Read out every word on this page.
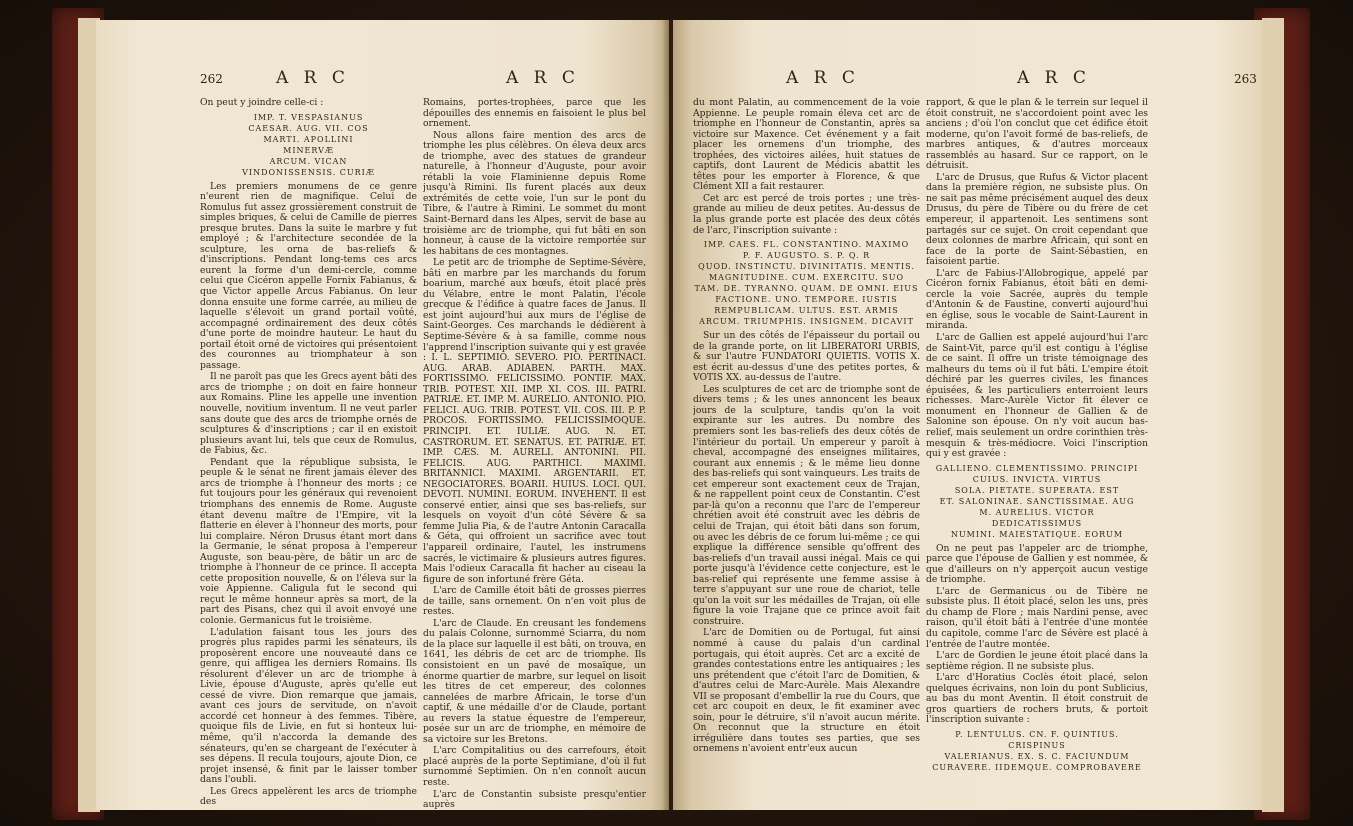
262	A R C	A R C

On peut y joindre celle-ci :

IMP. T. VESPASIANUS
CAESAR. AUG. VII. COS
MARTI. APOLLINI
MINERVÆ
ARCUM. VICAN
VINDONISSENSIS. CURIÆ

Les premiers monumens de ce genre n'eurent rien de magnifique. Celui de Romulus fut assez grossièrement construit de simples briques, & celui de Camille de pierres presque brutes. Dans la suite le marbre y fut employé ; & l'architecture secondée de la sculpture, les orna de bas-reliefs & d'inscriptions. Pendant long-tems ces arcs eurent la forme d'un demi-cercle, comme celui que Cicéron appelle Fornix Fabianus, & que Victor appelle Arcus Fabianus. On leur donna ensuite une forme carrée, au milieu de laquelle s'élevoit un grand portail voûté, accompagné ordinairement des deux côtés d'une porte de moindre hauteur. Le haut du portail étoit orné de victoires qui présentoient des couronnes au triomphateur à son passage.

Il ne paroît pas que les Grecs ayent bâti des arcs de triomphe ; on doit en faire honneur aux Romains. Pline les appelle une invention nouvelle, novitium inventum. Il ne veut parler sans doute que des arcs de triomphe ornés de sculptures & d'inscriptions ; car il en existoit plusieurs avant lui, tels que ceux de Romulus, de Fabius, &c.

Pendant que la république subsista, le peuple & le sénat ne firent jamais élever des arcs de triomphe à l'honneur des morts ; ce fut toujours pour les généraux qui revenoient triomphans des ennemis de Rome. Auguste étant devenu maître de l'Empire, vit la flatterie en élever à l'honneur des morts, pour lui complaire. Néron Drusus étant mort dans la Germanie, le sénat proposa à l'empereur Auguste, son beau-père, de bâtir un arc de triomphe à l'honneur de ce prince. Il accepta cette proposition nouvelle, & on l'éleva sur la voie Appienne. Caligula fut le second qui reçut le même honneur après sa mort, de la part des Pisans, chez qui il avoit envoyé une colonie. Germanicus fut le troisième.

L'adulation faisant tous les jours des progrès plus rapides parmi les sénateurs, ils proposèrent encore une nouveauté dans ce genre, qui affligea les derniers Romains. Ils résolurent d'élever un arc de triomphe à Livie, épouse d'Auguste, après qu'elle eut cessé de vivre. Dion remarque que jamais, avant ces jours de servitude, on n'avoit accordé cet honneur à des femmes. Tibère, quoique fils de Livie, en fut si honteux lui-même, qu'il n'accorda la demande des sénateurs, qu'en se chargeant de l'exécuter à ses dépens. Il recula toujours, ajoute Dion, ce projet insensé, & finit par le laisser tomber dans l'oubli.

Les Grecs appelèrent les arcs de triomphe des

Romains, portes-trophées, parce que les dépouilles des ennemis en faisoient le plus bel ornement.

Nous allons faire mention des arcs de triomphe les plus célèbres. On éleva deux arcs de triomphe, avec des statues de grandeur naturelle, à l'honneur d'Auguste, pour avoir rétabli la voie Flaminienne depuis Rome jusqu'à Rimini. Ils furent placés aux deux extrémités de cette voie, l'un sur le pont du Tibre, & l'autre à Rimini. Le sommet du mont Saint-Bernard dans les Alpes, servit de base au troisième arc de triomphe, qui fut bâti en son honneur, à cause de la victoire remportée sur les habitans de ces montagnes.

Le petit arc de triomphe de Septime-Sévère, bâti en marbre par les marchands du forum boarium, marché aux bœufs, étoit placé près du Vélabre, entre le mont Palatin, l'école grecque & l'édifice à quatre faces de Janus. Il est joint aujourd'hui aux murs de l'église de Saint-Georges. Ces marchands le dédièrent à Septime-Sévère & à sa famille, comme nous l'apprend l'inscription suivante qui y est gravée : I. L. SEPTIMIO. SEVERO. PIO. PERTINACI. AUG. ARAB. ADIABEN. PARTH. MAX. FORTISSIMO. FELICISSIMO. PONTIF. MAX. TRIB. POTEST. XII. IMP. XI. COS. III. PATRI. PATRIÆ. ET. IMP. M. AURELIO. ANTONIO. PIO. FELICI. AUG. TRIB. POTEST. VII. COS. III. P. P. PROCOS. FORTISSIMO. FELICISSIMOQUE. PRINCIPI. ET. IULIÆ. AUG. N. ET. CASTRORUM. ET. SENATUS. ET. PATRIÆ. ET. IMP. CÆS. M. AURELI. ANTONINI. PII. FELICIS. AUG. PARTHICI. MAXIMI. BRITANNICI. MAXIMI. ARGENTARII. ET. NEGOCIATORES. BOARII. HUIUS. LOCI. QUI. DEVOTI. NUMINI. EORUM. INVEHENT. Il est conservé entier, ainsi que ses bas-reliefs, sur lesquels on voyoit d'un côté Sévère & sa femme Julia Pia, & de l'autre Antonin Caracalla & Géta, qui offroient un sacrifice avec tout l'appareil ordinaire, l'autel, les instrumens sacrés, le victimaire & plusieurs autres figures. Mais l'odieux Caracalla fit hacher au ciseau la figure de son infortuné frère Géta.

L'arc de Camille étoit bâti de grosses pierres de taille, sans ornement. On n'en voit plus de restes.

L'arc de Claude. En creusant les fondemens du palais Colonne, surnommé Sciarra, du nom de la place sur laquelle il est bâti, on trouva, en 1641, les débris de cet arc de triomphe. Ils consistoient en un pavé de mosaïque, un énorme quartier de marbre, sur lequel on lisoit les titres de cet empereur, des colonnes cannelées de marbre Africain, le torse d'un captif, & une médaille d'or de Claude, portant au revers la statue équestre de l'empereur, posée sur un arc de triomphe, en mémoire de sa victoire sur les Bretons.

L'arc Compitalitius ou des carrefours, étoit placé auprès de la porte Septimiane, d'où il fut surnommé Septimien. On n'en connoît aucun reste.

L'arc de Constantin subsiste presqu'entier auprès

263
A R C	A R C

du mont Palatin, au commencement de la voie Appienne. Le peuple romain éleva cet arc de triomphe en l'honneur de Constantin, après sa victoire sur Maxence. Cet événement y a fait placer les ornemens d'un triomphe, des trophées, des victoires ailées, huit statues de captifs, dont Laurent de Médicis abattit les têtes pour les emporter à Florence, & que Clément XII a fait restaurer.

Cet arc est percé de trois portes ; une très-grande au milieu de deux petites. Au-dessus de la plus grande porte est placée des deux côtés de l'arc, l'inscription suivante :

IMP. CAES. FL. CONSTANTINO. MAXIMO
P. F. AUGUSTO. S. P. Q. R
QUOD. INSTINCTU. DIVINITATIS. MENTIS.
MAGNITUDINE. CUM. EXERCITU. SUO
TAM. DE. TYRANNO. QUAM. DE OMNI. EIUS
FACTIONE. UNO. TEMPORE. IUSTIS
REMPUBLICAM. ULTUS. EST. ARMIS
ARCUM. TRIUMPHIS. INSIGNEM. DICAVIT

Sur un des côtés de l'épaisseur du portail ou de la grande porte, on lit LIBERATORI URBIS, & sur l'autre FUNDATORI QUIETIS. VOTIS X. est écrit au-dessus d'une des petites portes, & VOTIS XX. au-dessus de l'autre.

Les sculptures de cet arc de triomphe sont de divers tems ; & les unes annoncent les beaux jours de la sculpture, tandis qu'on la voit expirante sur les autres. Du nombre des premiers sont les bas-reliefs des deux côtés de l'intérieur du portail. Un empereur y paroît à cheval, accompagné des enseignes militaires, courant aux ennemis ; & le même lieu donne des bas-reliefs qui sont vainqueurs. Les traits de cet empereur sont exactement ceux de Trajan, & ne rappellent point ceux de Constantin. C'est par-là qu'on a reconnu que l'arc de l'empereur chrétien avoit été construit avec les débris de celui de Trajan, qui étoit bâti dans son forum, ou avec les débris de ce forum lui-même ; ce qui explique la différence sensible qu'offrent des bas-reliefs d'un travail aussi inégal. Mais ce qui porte jusqu'à l'évidence cette conjecture, est le bas-relief qui représente une femme assise à terre s'appuyant sur une roue de chariot, telle qu'on la voit sur les médailles de Trajan, où elle figure la voie Trajane que ce prince avoit fait construire.

L'arc de Domitien ou de Portugal, fut ainsi nommé à cause du palais d'un cardinal portugais, qui étoit auprès. Cet arc a excité de grandes contestations entre les antiquaires ; les uns prétendent que c'étoit l'arc de Domitien, & d'autres celui de Marc-Aurèle. Mais Alexandre VII se proposant d'embellir la rue du Cours, que cet arc coupoit en deux, le fit examiner avec soin, pour le détruire, s'il n'avoit aucun mérite. On reconnut que la structure en étoit irrégulière dans toutes ses parties, que ses ornemens n'avoient entr'eux aucun

rapport, & que le plan & le terrein sur lequel il étoit construit, ne s'accordoient point avec les anciens ; d'où l'on conclut que cet édifice étoit moderne, qu'on l'avoit formé de bas-reliefs, de marbres antiques, & d'autres morceaux rassemblés au hasard. Sur ce rapport, on le détruisit.

L'arc de Drusus, que Rufus & Victor placent dans la première région, ne subsiste plus. On ne sait pas même précisément auquel des deux Drusus, du père de Tibère ou du frère de cet empereur, il appartenoit. Les sentimens sont partagés sur ce sujet. On croit cependant que deux colonnes de marbre Africain, qui sont en face de la porte de Saint-Sébastien, en faisoient partie.

L'arc de Fabius-l'Allobrogique, appelé par Cicéron fornix Fabianus, étoit bâti en demi-cercle la voie Sacrée, auprès du temple d'Antonin & de Faustine, converti aujourd'hui en église, sous le vocable de Saint-Laurent in miranda.

L'arc de Gallien est appelé aujourd'hui l'arc de Saint-Vit, parce qu'il est contigu à l'église de ce saint. Il offre un triste témoignage des malheurs du tems où il fut bâti. L'empire étoit déchiré par les guerres civiles, les finances épuisées, & les particuliers enterroient leurs richesses. Marc-Aurèle Victor fit élever ce monument en l'honneur de Gallien & de Salonine son épouse. On n'y voit aucun bas-relief, mais seulement un ordre corinthien très-mesquin & très-médiocre. Voici l'inscription qui y est gravée :

GALLIENO. CLEMENTISSIMO. PRINCIPI
CUIUS. INVICTA. VIRTUS
SOLA. PIETATE. SUPERATA. EST
ET. SALONINAE. SANCTISSIMAE. AUG
M. AURELIUS. VICTOR
DEDICATISSIMUS
NUMINI. MAIESTATIQUE. EORUM

On ne peut pas l'appeler arc de triomphe, parce que l'épouse de Gallien y est nommée, & que d'ailleurs on n'y apperçoit aucun vestige de triomphe.

L'arc de Germanicus ou de Tibère ne subsiste plus. Il étoit placé, selon les uns, près du champ de Flore ; mais Nardini pense, avec raison, qu'il étoit bâti à l'entrée d'une montée du capitole, comme l'arc de Sévère est placé à l'entrée de l'autre montée.

L'arc de Gordien le jeune étoit placé dans la septième région. Il ne subsiste plus.

L'arc d'Horatius Coclès étoit placé, selon quelques écrivains, non loin du pont Sublicius, au bas du mont Aventin. Il étoit construit de gros quartiers de rochers bruts, & portoit l'inscription suivante :

P. LENTULUS. CN. F. QUINTIUS. CRISPINUS
VALERIANUS. EX. S. C. FACIUNDUM
CURAVERE. IIDEMQUE. COMPROBAVERE
